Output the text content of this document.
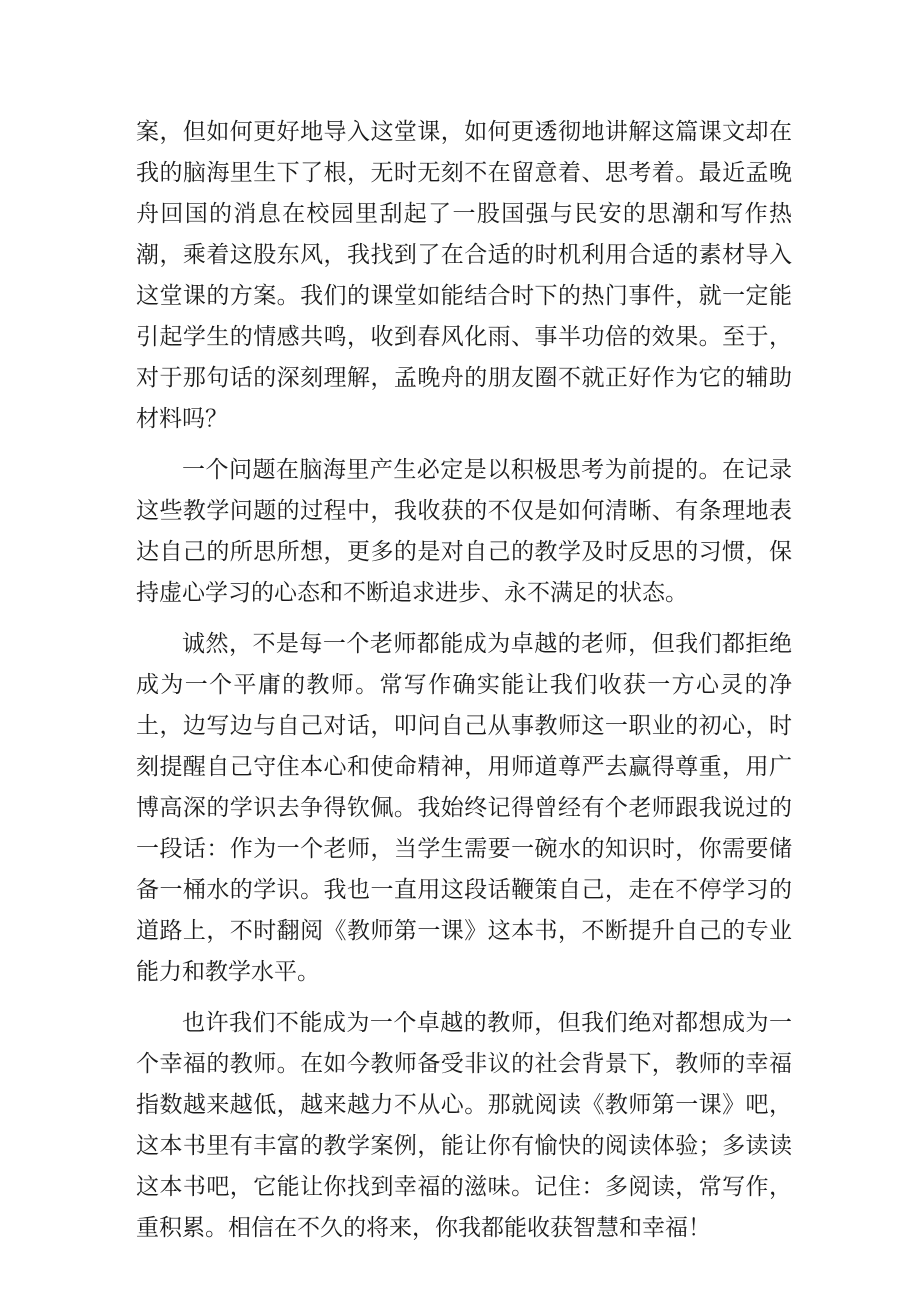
案，但如何更好地导入这堂课，如何更透彻地讲解这篇课文却在我的脑海里生下了根，无时无刻不在留意着、思考着。最近孟晚舟回国的消息在校园里刮起了一股国强与民安的思潮和写作热潮，乘着这股东风，我找到了在合适的时机利用合适的素材导入这堂课的方案。我们的课堂如能结合时下的热门事件，就一定能引起学生的情感共鸣，收到春风化雨、事半功倍的效果。至于，对于那句话的深刻理解，孟晚舟的朋友圈不就正好作为它的辅助材料吗？

一个问题在脑海里产生必定是以积极思考为前提的。在记录这些教学问题的过程中，我收获的不仅是如何清晰、有条理地表达自己的所思所想，更多的是对自己的教学及时反思的习惯，保持虚心学习的心态和不断追求进步、永不满足的状态。

诚然，不是每一个老师都能成为卓越的老师，但我们都拒绝成为一个平庸的教师。常写作确实能让我们收获一方心灵的净土，边写边与自己对话，叩问自己从事教师这一职业的初心，时刻提醒自己守住本心和使命精神，用师道尊严去赢得尊重，用广博高深的学识去争得钦佩。我始终记得曾经有个老师跟我说过的一段话：作为一个老师，当学生需要一碗水的知识时，你需要储备一桶水的学识。我也一直用这段话鞭策自己，走在不停学习的道路上，不时翻阅《教师第一课》这本书，不断提升自己的专业能力和教学水平。

也许我们不能成为一个卓越的教师，但我们绝对都想成为一个幸福的教师。在如今教师备受非议的社会背景下，教师的幸福指数越来越低，越来越力不从心。那就阅读《教师第一课》吧，这本书里有丰富的教学案例，能让你有愉快的阅读体验；多读读这本书吧，它能让你找到幸福的滋味。记住：多阅读，常写作，重积累。相信在不久的将来，你我都能收获智慧和幸福！
